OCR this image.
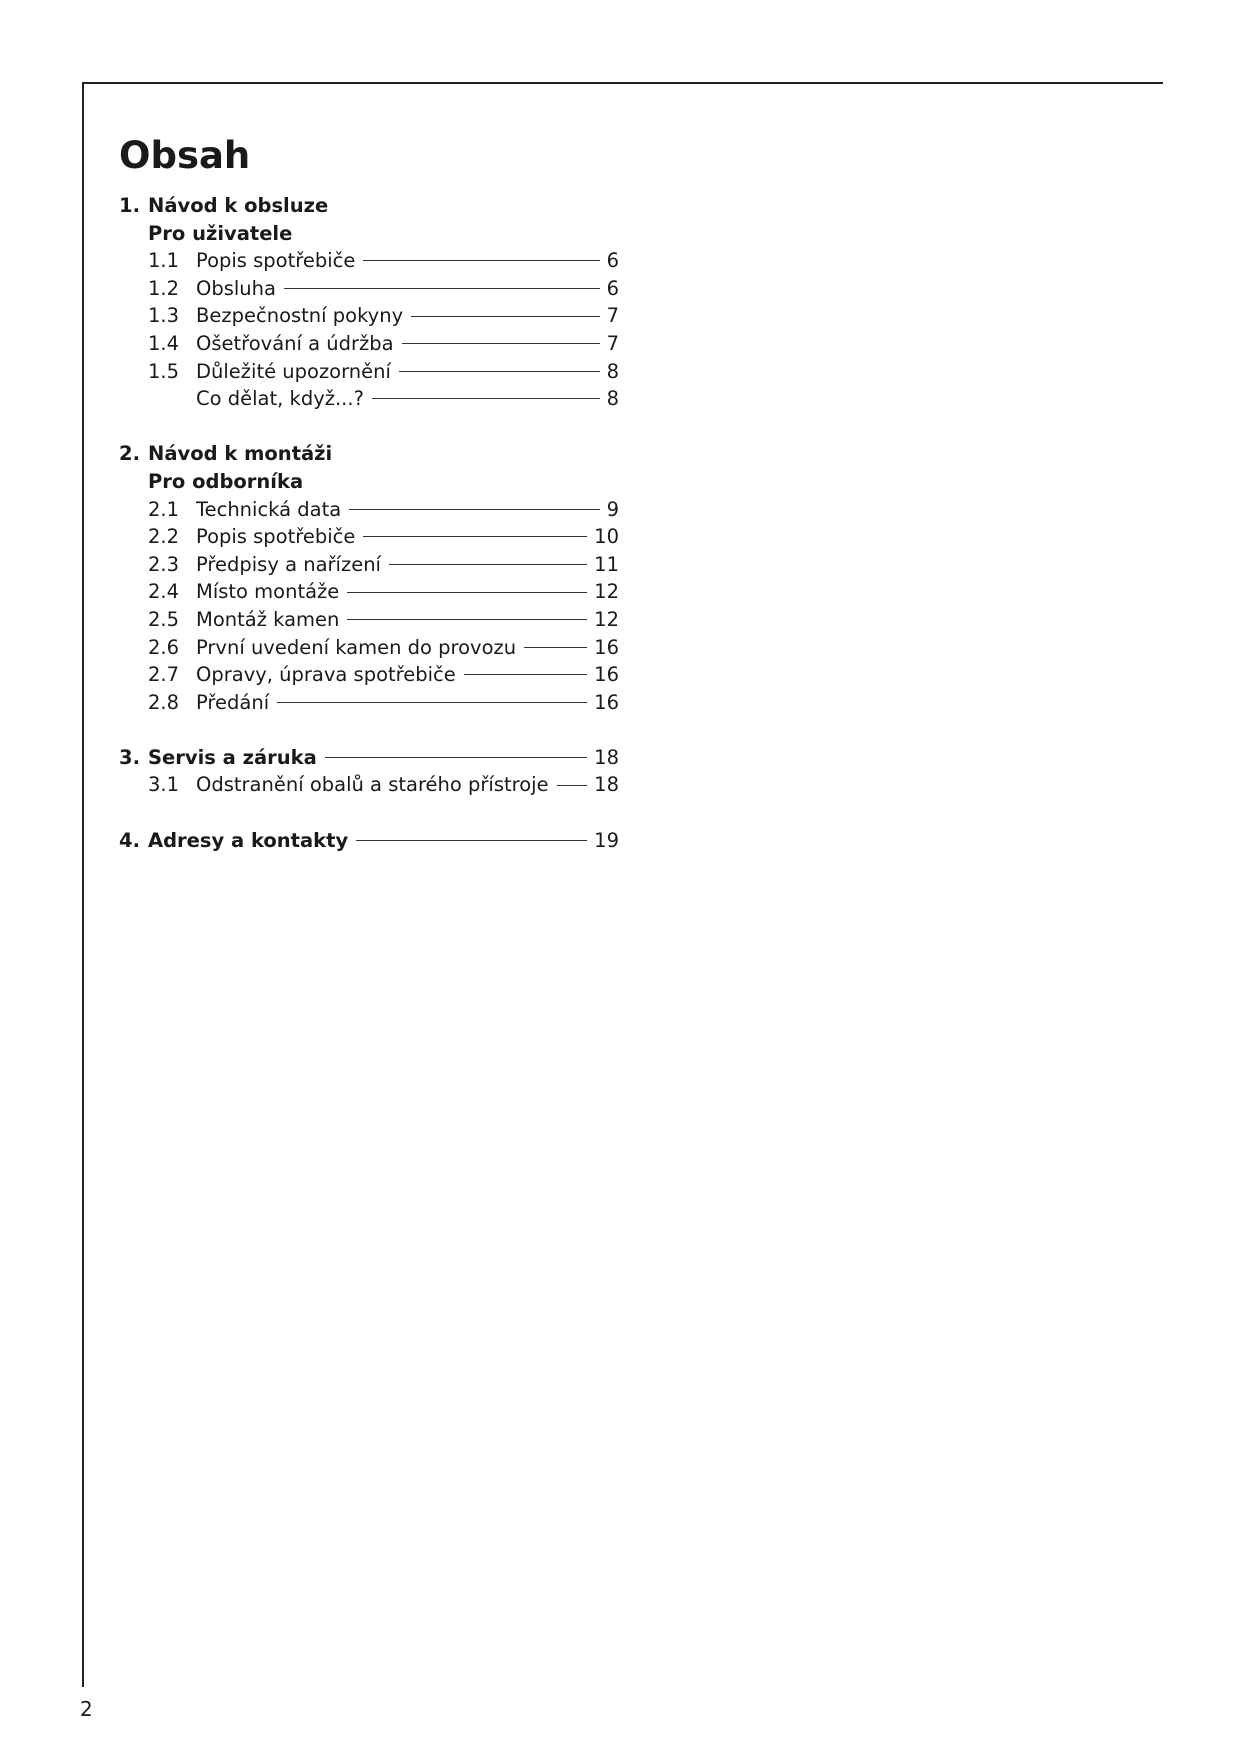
Obsah
1. Návod k obsluze
Pro uživatele
1.1 Popis spotřebiče	6
1.2 Obsluha	6
1.3 Bezpečnostní pokyny	7
1.4 Ošetřování a údržba	7
1.5 Důležité upozornění	8
Co dělat, když...?	8
2. Návod k montáži
Pro odborníka
2.1 Technická data	9
2.2 Popis spotřebiče	10
2.3 Předpisy a nařízení	11
2.4 Místo montáže	12
2.5 Montáž kamen	12
2.6 První uvedení kamen do provozu	16
2.7 Opravy, úprava spotřebiče	16
2.8 Předání	16
3. Servis a záruka	18
3.1 Odstranění obalů a starého přístroje 18
4. Adresy a kontakty	19
2
